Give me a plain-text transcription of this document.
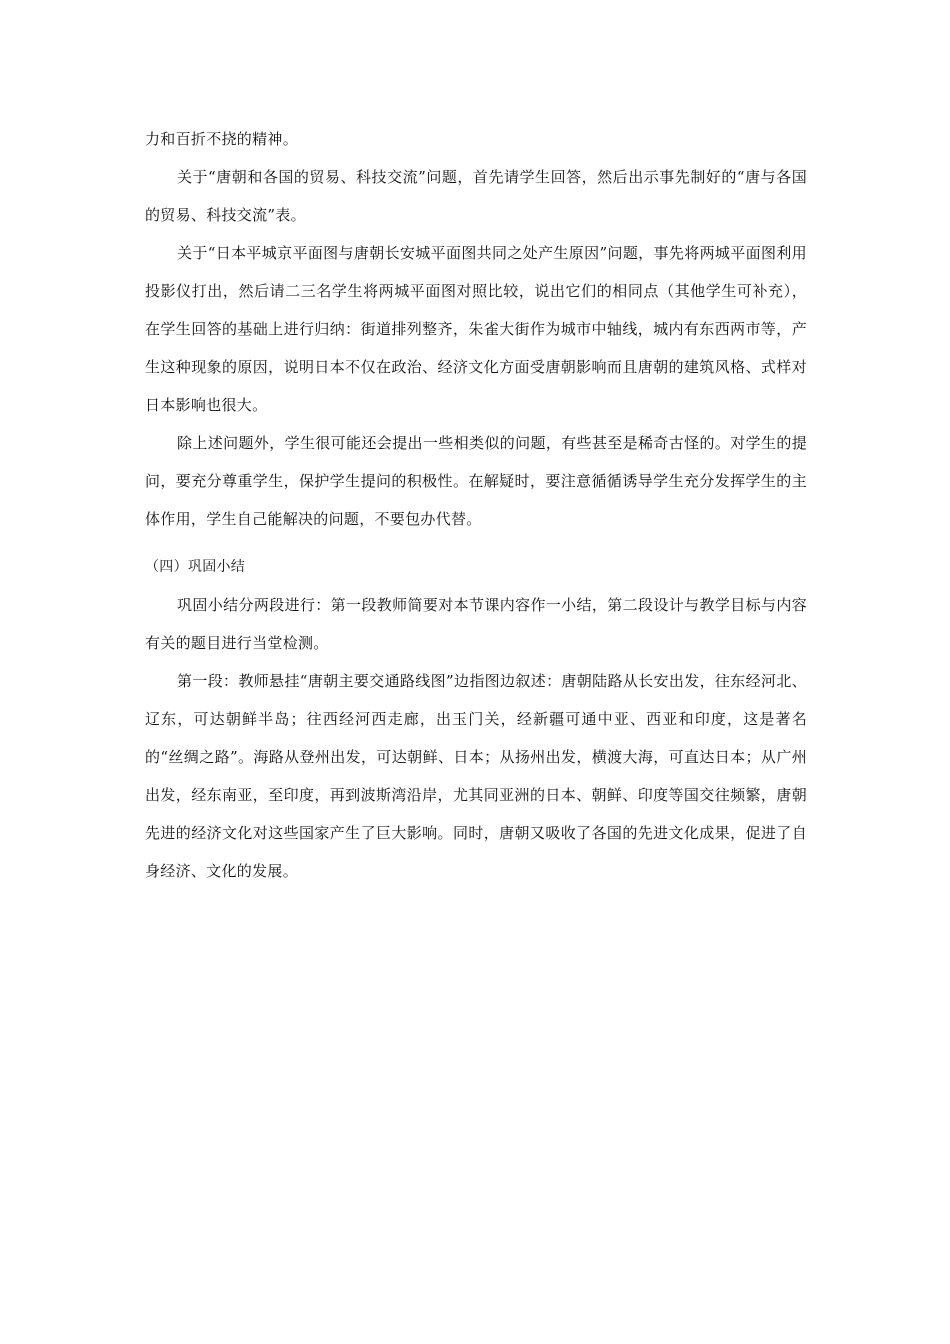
力和百折不挠的精神。

关于“唐朝和各国的贸易、科技交流”问题，首先请学生回答，然后出示事先制好的“唐与各国的贸易、科技交流”表。

关于“日本平城京平面图与唐朝长安城平面图共同之处产生原因”问题，事先将两城平面图利用投影仪打出，然后请二三名学生将两城平面图对照比较，说出它们的相同点（其他学生可补充），在学生回答的基础上进行归纳：街道排列整齐，朱雀大街作为城市中轴线，城内有东西两市等，产生这种现象的原因，说明日本不仅在政治、经济文化方面受唐朝影响而且唐朝的建筑风格、式样对日本影响也很大。

除上述问题外，学生很可能还会提出一些相类似的问题，有些甚至是稀奇古怪的。对学生的提问，要充分尊重学生，保护学生提问的积极性。在解疑时，要注意循循诱导学生充分发挥学生的主体作用，学生自己能解决的问题，不要包办代替。

（四）巩固小结

巩固小结分两段进行：第一段教师简要对本节课内容作一小结，第二段设计与教学目标与内容有关的题目进行当堂检测。

第一段：教师悬挂“唐朝主要交通路线图”边指图边叙述：唐朝陆路从长安出发，往东经河北、辽东，可达朝鲜半岛；往西经河西走廊，出玉门关，经新疆可通中亚、西亚和印度，这是著名的“丝绸之路”。海路从登州出发，可达朝鲜、日本；从扬州出发，横渡大海，可直达日本；从广州出发，经东南亚，至印度，再到波斯湾沿岸，尤其同亚洲的日本、朝鲜、印度等国交往频繁，唐朝先进的经济文化对这些国家产生了巨大影响。同时，唐朝又吸收了各国的先进文化成果，促进了自身经济、文化的发展。
